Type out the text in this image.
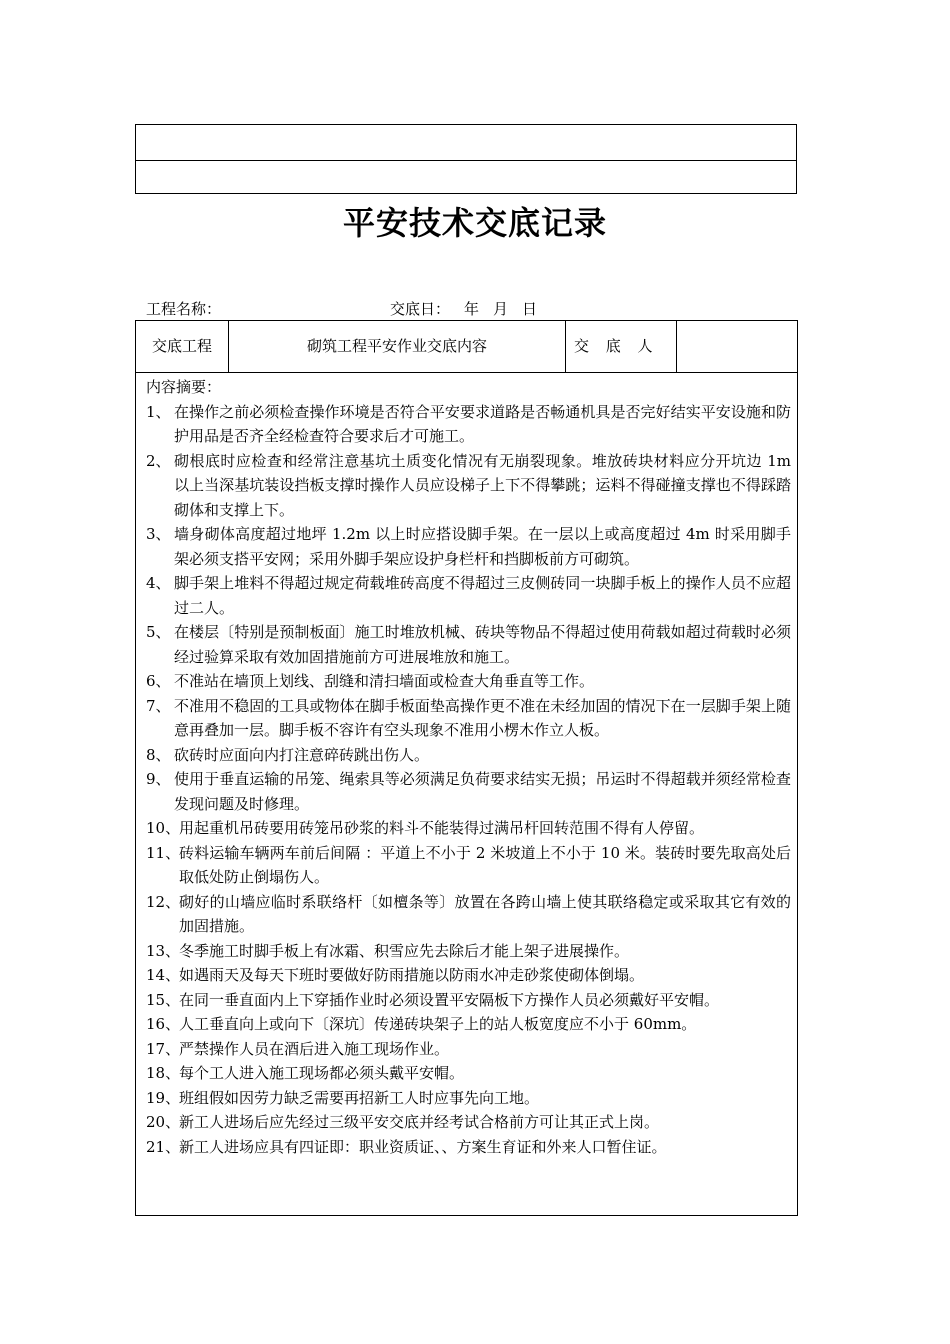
平安技术交底记录
工程名称：	交底日： 年 月 日
交底工程	砌筑工程平安作业交底内容	交 底 人

内容摘要：

1、 在操作之前必须检查操作环境是否符合平安要求道路是否畅通机具是否完好结实平安设施和防护用品是否齐全经检查符合要求后才可施工。
2、 砌根底时应检查和经常注意基坑土质变化情况有无崩裂现象。堆放砖块材料应分开坑边 1m 以上当深基坑装设挡板支撑时操作人员应设梯子上下不得攀跳；运料不得碰撞支撑也不得踩踏砌体和支撑上下。
3、 墙身砌体高度超过地坪 1.2m 以上时应搭设脚手架。在一层以上或高度超过 4m 时采用脚手架必须支搭平安网；采用外脚手架应设护身栏杆和挡脚板前方可砌筑。
4、 脚手架上堆料不得超过规定荷载堆砖高度不得超过三皮侧砖同一块脚手板上的操作人员不应超过二人。
5、 在楼层〔特别是预制板面〕施工时堆放机械、砖块等物品不得超过使用荷载如超过荷载时必须经过验算采取有效加固措施前方可进展堆放和施工。
6、 不准站在墙顶上划线、刮缝和清扫墙面或检查大角垂直等工作。
7、 不准用不稳固的工具或物体在脚手板面垫高操作更不准在未经加固的情况下在一层脚手架上随意再叠加一层。脚手板不容许有空头现象不准用小楞木作立人板。
8、 砍砖时应面向内打注意碎砖跳出伤人。
9、 使用于垂直运输的吊笼、绳索具等必须满足负荷要求结实无损；吊运时不得超载并须经常检查发现问题及时修理。
10、
用起重机吊砖要用砖笼吊砂浆的料斗不能装得过满吊杆回转范围不得有人停留。
11、
砖料运输车辆两车前后间隔 ：平道上不小于 2 米坡道上不小于 10 米。装砖时要先取高处后取低处防止倒塌伤人。
12、
砌好的山墙应临时系联络杆〔如檀条等〕放置在各跨山墙上使其联络稳定或采取其它有效的加固措施。
13、
冬季施工时脚手板上有冰霜、积雪应先去除后才能上架子进展操作。
14、
如遇雨天及每天下班时要做好防雨措施以防雨水冲走砂浆使砌体倒塌。
15、
在同一垂直面内上下穿插作业时必须设置平安隔板下方操作人员必须戴好平安帽。
16、
人工垂直向上或向下〔深坑〕传递砖块架子上的站人板宽度应不小于 60mm。
17、
严禁操作人员在酒后进入施工现场作业。
18、
每个工人进入施工现场都必须头戴平安帽。
19、
班组假如因劳力缺乏需要再招新工人时应事先向工地。
20、
新工人进场后应先经过三级平安交底并经考试合格前方可让其正式上岗。
21、
新工人进场应具有四证即：职业资质证、、方案生育证和外来人口暂住证。
